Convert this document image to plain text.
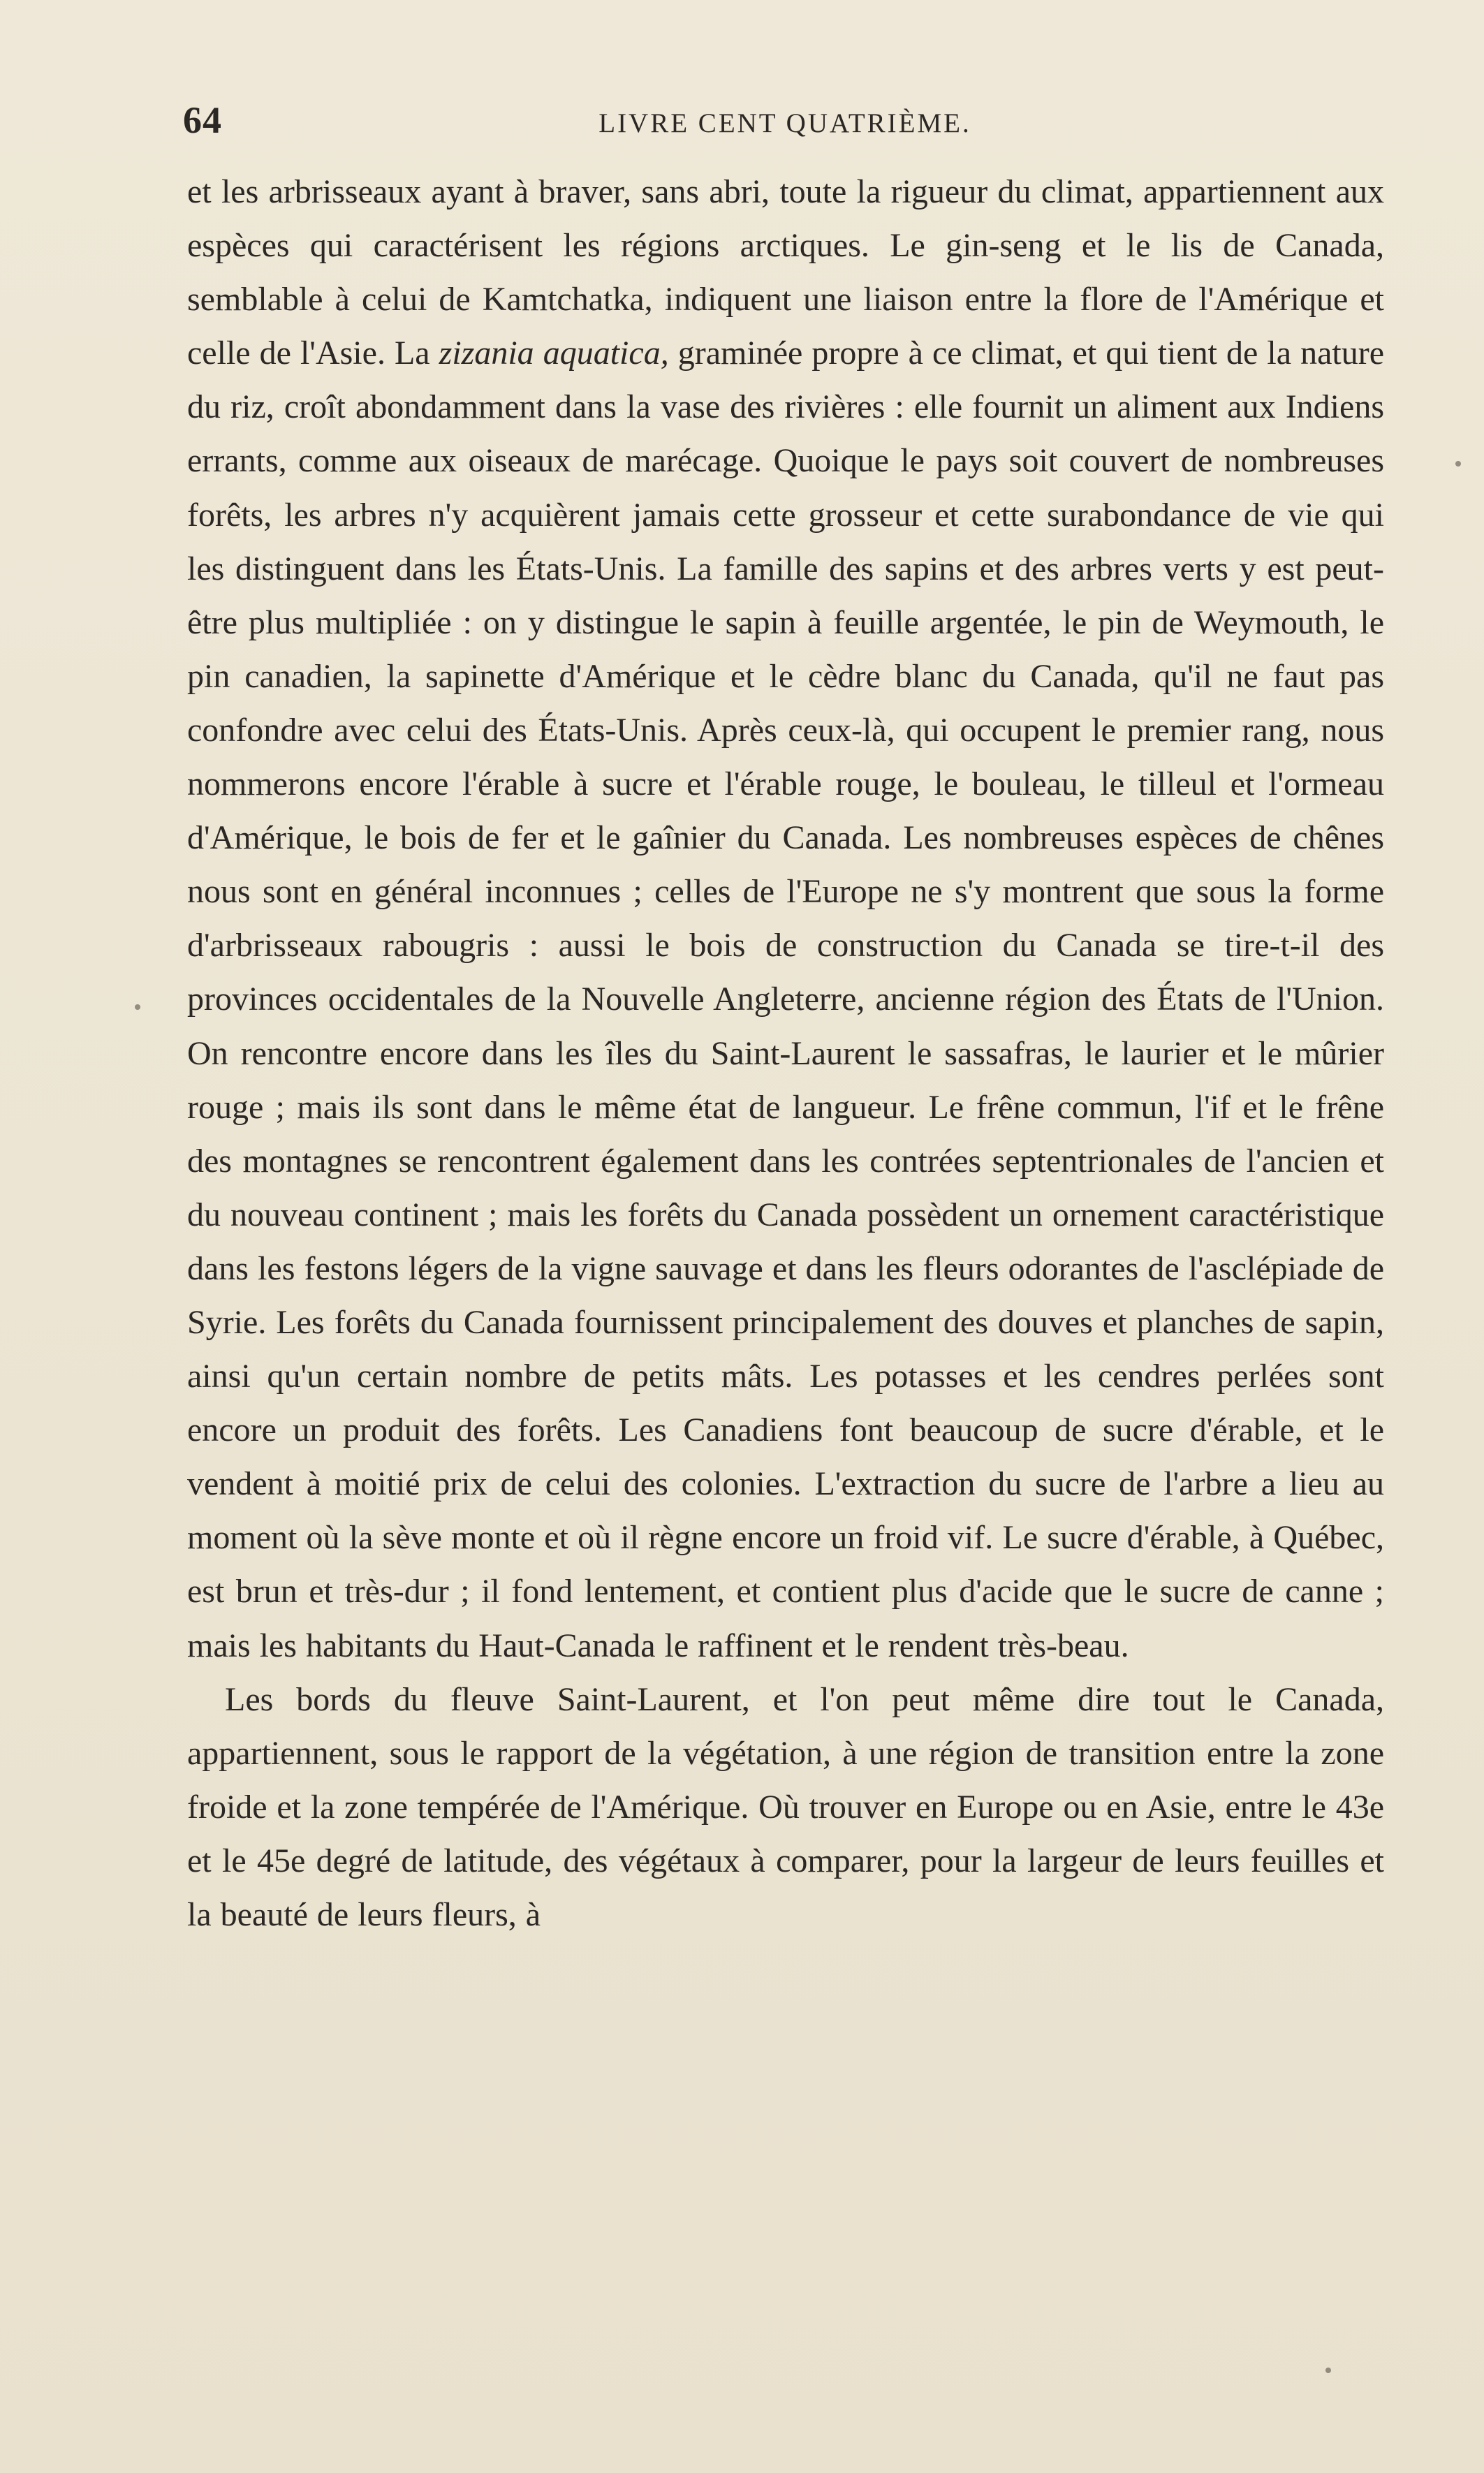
64	LIVRE CENT QUATRIÈME.

et les arbrisseaux ayant à braver, sans abri, toute la rigueur du climat, appartiennent aux espèces qui caractérisent les régions arctiques. Le gin-seng et le lis de Canada, semblable à celui de Kamtchatka, indiquent une liaison entre la flore de l'Amérique et celle de l'Asie. La zizania aquatica, graminée propre à ce climat, et qui tient de la nature du riz, croît abondamment dans la vase des rivières : elle fournit un aliment aux Indiens errants, comme aux oiseaux de marécage. Quoique le pays soit couvert de nombreuses forêts, les arbres n'y acquièrent jamais cette grosseur et cette surabondance de vie qui les distinguent dans les États-Unis. La famille des sapins et des arbres verts y est peut-être plus multipliée : on y distingue le sapin à feuille argentée, le pin de Weymouth, le pin canadien, la sapinette d'Amérique et le cèdre blanc du Canada, qu'il ne faut pas confondre avec celui des États-Unis. Après ceux-là, qui occupent le premier rang, nous nommerons encore l'érable à sucre et l'érable rouge, le bouleau, le tilleul et l'ormeau d'Amérique, le bois de fer et le gaînier du Canada. Les nombreuses espèces de chênes nous sont en général inconnues ; celles de l'Europe ne s'y montrent que sous la forme d'arbrisseaux rabougris : aussi le bois de construction du Canada se tire-t-il des provinces occidentales de la Nouvelle Angleterre, ancienne région des États de l'Union. On rencontre encore dans les îles du Saint-Laurent le sassafras, le laurier et le mûrier rouge ; mais ils sont dans le même état de langueur. Le frêne commun, l'if et le frêne des montagnes se rencontrent également dans les contrées septentrionales de l'ancien et du nouveau continent ; mais les forêts du Canada possèdent un ornement caractéristique dans les festons légers de la vigne sauvage et dans les fleurs odorantes de l'asclépiade de Syrie. Les forêts du Canada fournissent principalement des douves et planches de sapin, ainsi qu'un certain nombre de petits mâts. Les potasses et les cendres perlées sont encore un produit des forêts. Les Canadiens font beaucoup de sucre d'érable, et le vendent à moitié prix de celui des colonies. L'extraction du sucre de l'arbre a lieu au moment où la sève monte et où il règne encore un froid vif. Le sucre d'érable, à Québec, est brun et très-dur ; il fond lentement, et contient plus d'acide que le sucre de canne ; mais les habitants du Haut-Canada le raffinent et le rendent très-beau.

Les bords du fleuve Saint-Laurent, et l'on peut même dire tout le Canada, appartiennent, sous le rapport de la végétation, à une région de transition entre la zone froide et la zone tempérée de l'Amérique. Où trouver en Europe ou en Asie, entre le 43e et le 45e degré de latitude, des végétaux à comparer, pour la largeur de leurs feuilles et la beauté de leurs fleurs, à
